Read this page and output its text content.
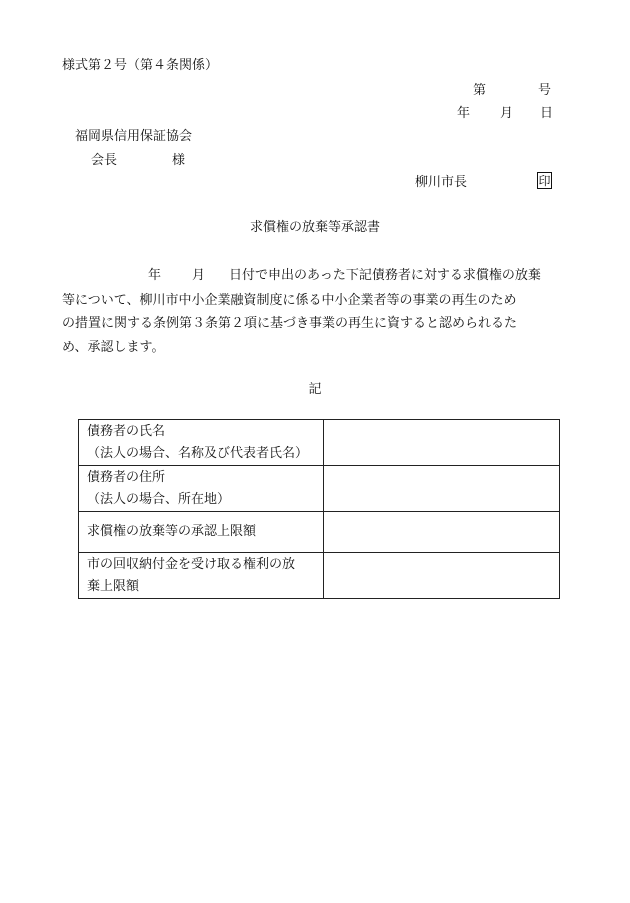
様式第２号（第４条関係）
第	号
年 月 日
福岡県信用保証協会
会長	様
柳川市長	印
求償権の放棄等承認書
年 月 日付で申出のあった下記債務者に対する求償権の放棄
等について、柳川市中小企業融資制度に係る中小企業者等の事業の再生のため
の措置に関する条例第３条第２項に基づき事業の再生に資すると認められるた
め、承認します。
記
債務者の氏名
（法人の場合、名称及び代表者氏名）	

債務者の住所
（法人の場合、所在地）	

求償権の放棄等の承認上限額	

市の回収納付金を受け取る権利の放
棄上限額	
